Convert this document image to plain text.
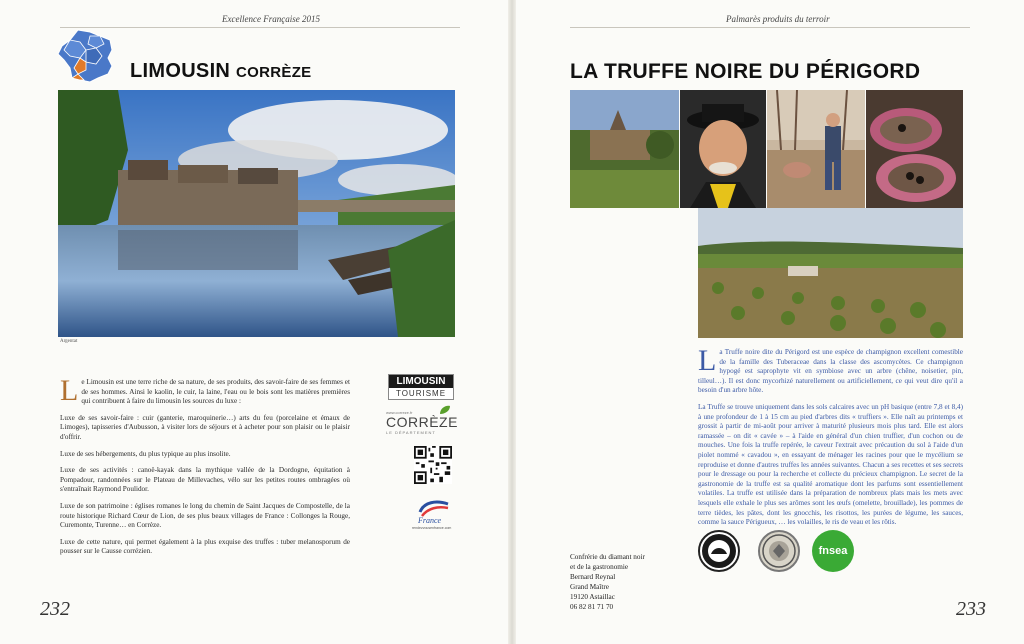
Excellence Française 2015
LIMOUSIN CORRÈZE
Argentat

L e Limousin est une terre riche de sa nature, de ses produits, des savoir-faire de ses femmes et de ses hommes. Ainsi le kaolin, le cuir, la laine, l'eau ou le bois sont les matières premières qui contribuent à faire du limousin les sources du luxe :

Luxe de ses savoir-faire : cuir (ganterie, maroquinerie…) arts du feu (porcelaine et émaux de Limoges), tapisseries d'Aubusson, à visiter lors de séjours et à acheter pour son plaisir ou le plaisir d'offrir.

Luxe de ses hébergements, du plus typique au plus insolite.

Luxe de ses activités : canoë-kayak dans la mythique vallée de la Dordogne, équitation à Pompadour, randonnées sur le Plateau de Millevaches, vélo sur les petites routes ombragées où s'entraînait Raymond Poulidor.

Luxe de son patrimoine : églises romanes le long du chemin de Saint Jacques de Compostelle, de la route historique Richard Cœur de Lion, de ses plus beaux villages de France : Collonges la Rouge, Curemonte, Turenne… en Corrèze.

Luxe de cette nature, qui permet également à la plus exquise des truffes : tuber melanosporum de pousser sur le Causse corrézien.

LIMOUSIN
TOURISME
www.correze.fr
CORRÈZE
LE DÉPARTEMENT
France
rendezvousenfrance.com
232
Palmarès produits du terroir
LA TRUFFE NOIRE DU PÉRIGORD

L a Truffe noire dite du Périgord est une espèce de champignon excellent comestible de la famille des Tuberaceae dans la classe des ascomycètes. Ce champignon hypogé est saprophyte vit en symbiose avec un arbre (chêne, noisetier, pin, tilleul…). Il est donc mycorhizé naturellement ou artificiellement, ce qui veut dire qu'il a besoin d'un arbre hôte.

La Truffe se trouve uniquement dans les sols calcaires avec un pH basique (entre 7,8 et 8,4) à une profondeur de 1 à 15 cm au pied d'arbres dits « truffiers ». Elle naît au printemps et grossit à partir de mi-août pour arriver à maturité plusieurs mois plus tard. Elle est alors ramassée – on dit « cavée » – à l'aide en général d'un chien truffier, d'un cochon ou de mouches. Une fois la truffe repérée, le caveur l'extrait avec précaution du sol à l'aide d'un piolet nommé « cavadou », en essayant de ménager les racines pour que le mycélium se reproduise et donne d'autres truffes les années suivantes. Chacun a ses recettes et ses secrets pour le dressage ou pour la recherche et collecte du précieux champignon. Le secret de la gastronomie de la truffe est sa qualité aromatique dont les parfums sont essentiellement volatiles. La truffe est utilisée dans la préparation de nombreux plats mais les mets avec lesquels elle exhale le plus ses arômes sont les œufs (omelette, brouillade), les pommes de terre tièdes, les pâtes, dont les gnocchis, les risottos, les purées de légume, les sauces, comme la sauce Périgueux, … les volailles, le ris de veau et les rôtis.

Confrérie du diamant noir
et de la gastronomie
Bernard Reynal
Grand Maître
19120 Astaillac
06 82 81 71 70
fnsea
233
